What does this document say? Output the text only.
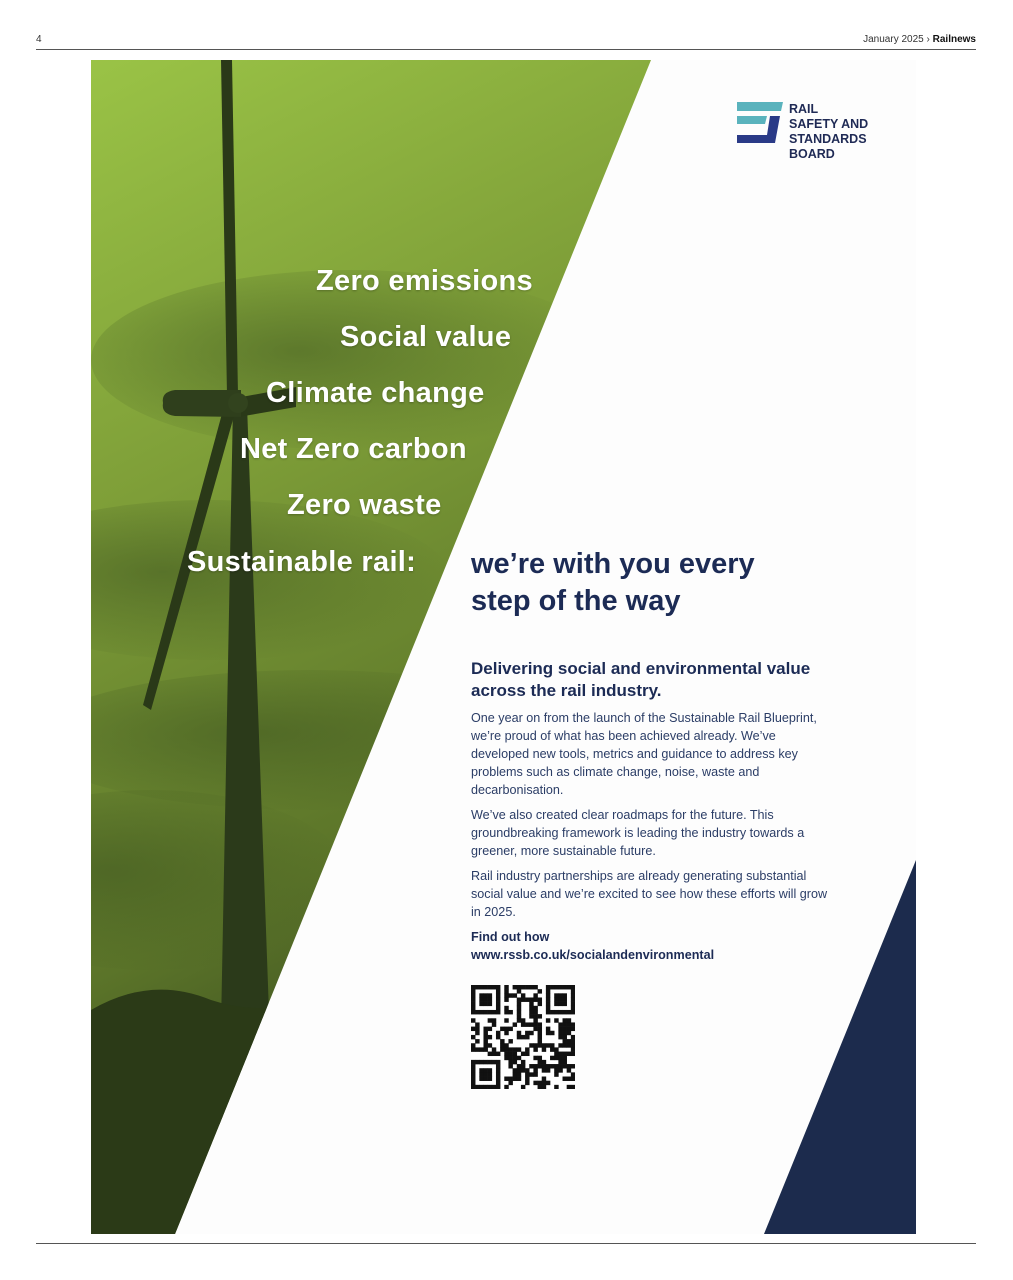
4	January 2025 › Railnews
RAIL
SAFETY AND
STANDARDS
BOARD
Zero emissions
Social value
Climate change
Net Zero carbon
Zero waste
Sustainable rail: we’re with you every
step of the way

Delivering social and environmental value across the rail industry.

One year on from the launch of the Sustainable Rail Blueprint, we’re proud of what has been achieved already. We’ve developed new tools, metrics and guidance to address key problems such as climate change, noise, waste and decarbonisation.

We’ve also created clear roadmaps for the future. This groundbreaking framework is leading the industry towards a greener, more sustainable future.

Rail industry partnerships are already generating substantial social value and we’re excited to see how these efforts will grow in 2025.

Find out how

www.rssb.co.uk/socialandenvironmental
